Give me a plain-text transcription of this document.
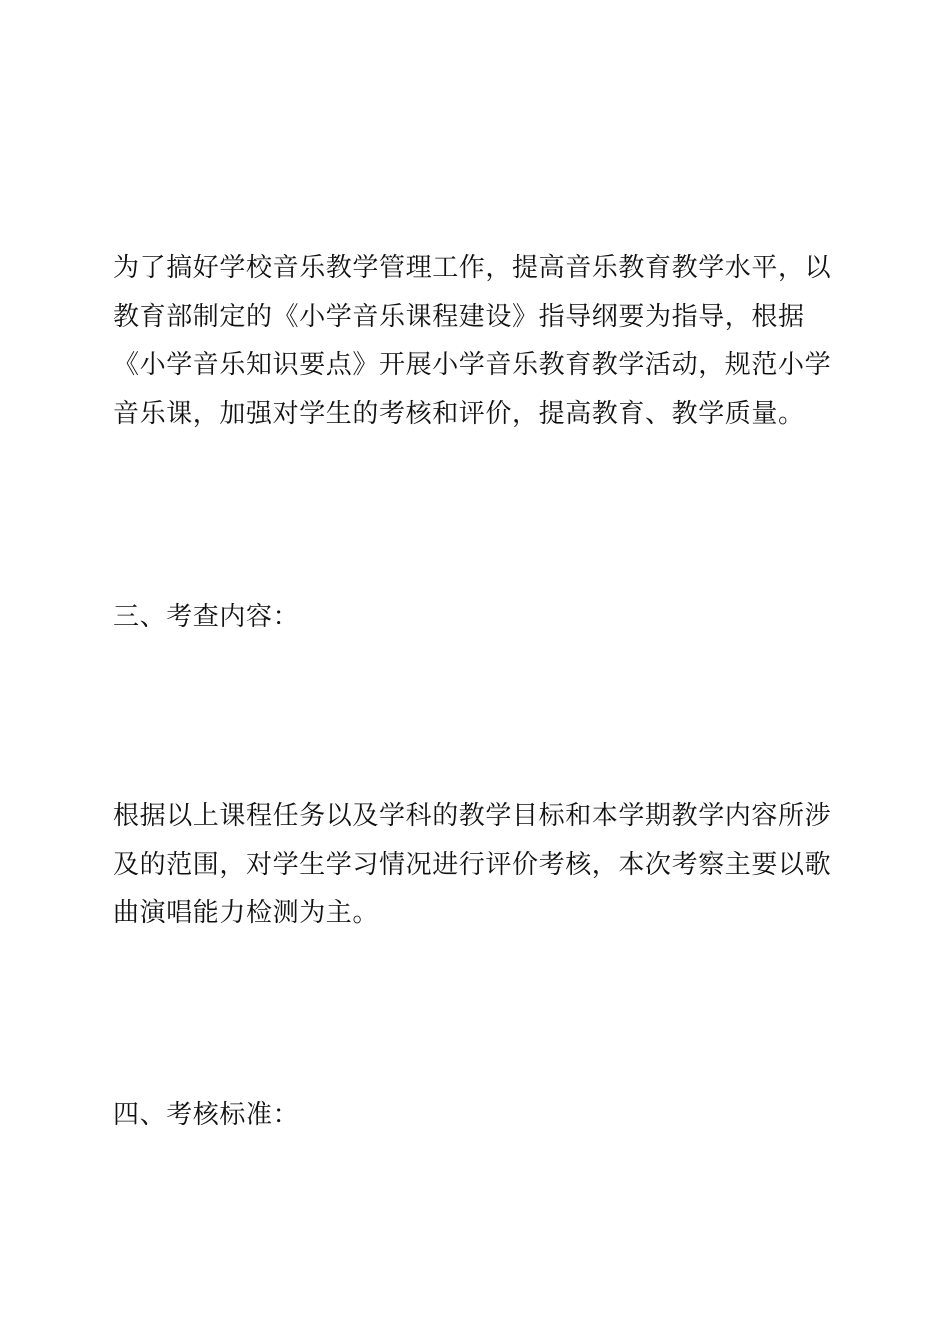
为了搞好学校音乐教学管理工作，提高音乐教育教学水平，以教育部制定的《小学音乐课程建设》指导纲要为指导，根据《小学音乐知识要点》开展小学音乐教育教学活动，规范小学音乐课，加强对学生的考核和评价，提高教育、教学质量。

三、考查内容：

根据以上课程任务以及学科的教学目标和本学期教学内容所涉及的范围，对学生学习情况进行评价考核，本次考察主要以歌曲演唱能力检测为主。

四、考核标准：
